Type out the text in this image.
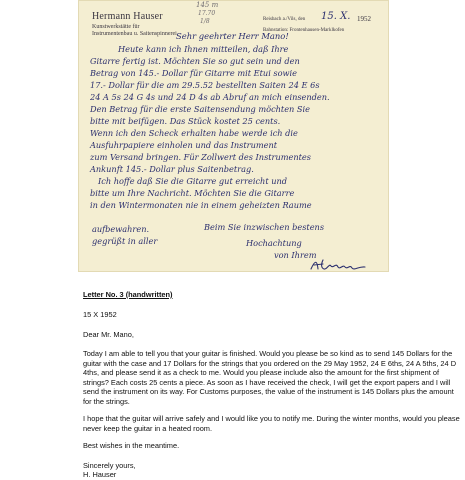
Hermann Hauser
Kunstwerkstätte für
Instrumentenbau u. Saitenspinnerei
145 m
17.70
1/8	Reisbach a./Vils, den 15. X. 1952
Bahnstation: Frontenhausen-Marklkofen
Sehr geehrter Herr Mano!
Heute kann ich Ihnen mitteilen, daß Ihre
Gitarre fertig ist. Möchten Sie so gut sein und den
Betrag von 145.- Dollar für Gitarre mit Etui sowie
17.- Dollar für die am 29.5.52 bestellten Saiten 24 E 6s
24 A 5s 24 G 4s und 24 D 4s ab Abruf an mich einsenden.
Den Betrag für die erste Saitensendung möchten Sie
bitte mit beifügen. Das Stück kostet 25 cents.
Wenn ich den Scheck erhalten habe werde ich die
Ausfuhrpapiere einholen und das Instrument
zum Versand bringen. Für Zollwert des Instrumentes
Ankunft 145.- Dollar plus Saitenbetrag.
Ich hoffe daß Sie die Gitarre gut erreicht und
bitte um Ihre Nachricht. Möchten Sie die Gitarre
in den Wintermonaten nie in einem geheizten Raume
aufbewahren.	Beim Sie inzwischen bestens
gegrüßt in aller	Hochachtung
von Ihrem
Letter No. 3 (handwritten)
15 X 1952
Dear Mr. Mano,
Today I am able to tell you that your guitar is finished. Would you please be so kind as to send 145 Dollars for the guitar with the case and 17 Dollars for the strings that you ordered on the 29 May 1952, 24 E 6ths, 24 A 5ths, 24 D 4ths, and please send it as a check to me. Would you please include also the amount for the first shipment of strings? Each costs 25 cents a piece. As soon as I have received the check, I will get the export papers and I will send the instrument on its way. For Customs purposes, the value of the instrument is 145 Dollars plus the amount for the strings.
I hope that the guitar will arrive safely and I would like you to notify me. During the winter months, would you please never keep the guitar in a heated room.
Best wishes in the meantime.
Sincerely yours,
H. Hauser
